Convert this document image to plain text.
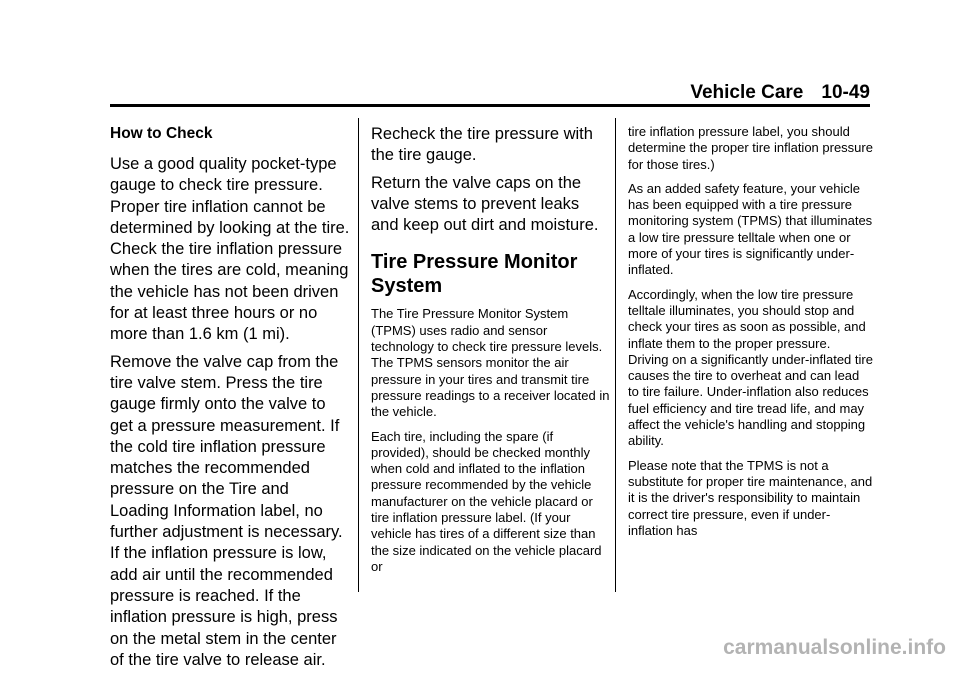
Vehicle Care 10-49
How to Check

Use a good quality pocket-type gauge to check tire pressure. Proper tire inflation cannot be determined by looking at the tire. Check the tire inflation pressure when the tires are cold, meaning the vehicle has not been driven for at least three hours or no more than 1.6 km (1 mi).

Remove the valve cap from the tire valve stem. Press the tire gauge firmly onto the valve to get a pressure measurement. If the cold tire inflation pressure matches the recommended pressure on the Tire and Loading Information label, no further adjustment is necessary. If the inflation pressure is low, add air until the recommended pressure is reached. If the inflation pressure is high, press on the metal stem in the center of the tire valve to release air.

Recheck the tire pressure with the tire gauge.

Return the valve caps on the valve stems to prevent leaks and keep out dirt and moisture.

Tire Pressure Monitor System

The Tire Pressure Monitor System (TPMS) uses radio and sensor technology to check tire pressure levels. The TPMS sensors monitor the air pressure in your tires and transmit tire pressure readings to a receiver located in the vehicle.

Each tire, including the spare (if provided), should be checked monthly when cold and inflated to the inflation pressure recommended by the vehicle manufacturer on the vehicle placard or tire inflation pressure label. (If your vehicle has tires of a different size than the size indicated on the vehicle placard or

tire inflation pressure label, you should determine the proper tire inflation pressure for those tires.)

As an added safety feature, your vehicle has been equipped with a tire pressure monitoring system (TPMS) that illuminates a low tire pressure telltale when one or more of your tires is significantly under-inflated.

Accordingly, when the low tire pressure telltale illuminates, you should stop and check your tires as soon as possible, and inflate them to the proper pressure. Driving on a significantly under-inflated tire causes the tire to overheat and can lead to tire failure. Under-inflation also reduces fuel efficiency and tire tread life, and may affect the vehicle's handling and stopping ability.

Please note that the TPMS is not a substitute for proper tire maintenance, and it is the driver's responsibility to maintain correct tire pressure, even if under-inflation has

carmanualsonline.info
